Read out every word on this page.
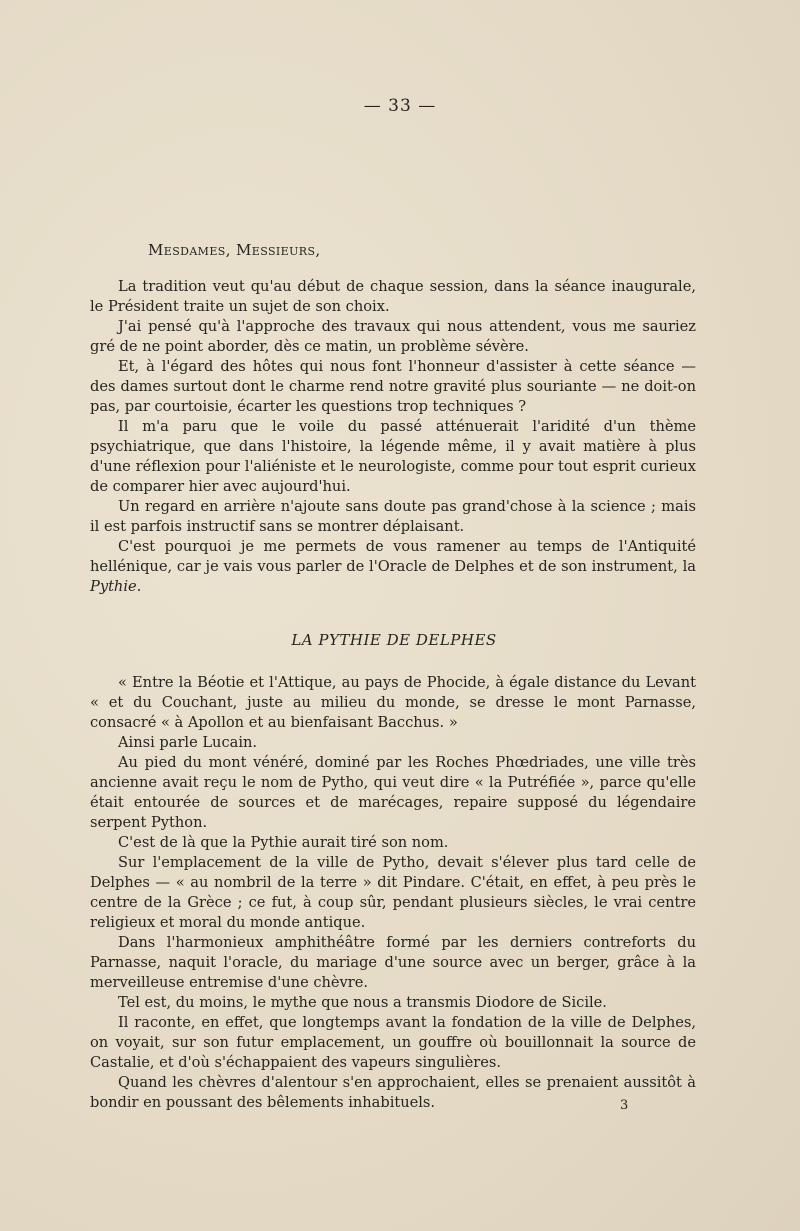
— 33 —
Mesdames, Messieurs,

La tradition veut qu'au début de chaque session, dans la séance inaugurale, le Président traite un sujet de son choix.

J'ai pensé qu'à l'approche des travaux qui nous attendent, vous me sauriez gré de ne point aborder, dès ce matin, un problème sévère.

Et, à l'égard des hôtes qui nous font l'honneur d'assister à cette séance — des dames surtout dont le charme rend notre gravité plus souriante — ne doit-on pas, par courtoisie, écarter les questions trop techniques ?

Il m'a paru que le voile du passé atténuerait l'aridité d'un thème psychiatrique, que dans l'histoire, la légende même, il y avait matière à plus d'une réflexion pour l'aliéniste et le neurologiste, comme pour tout esprit curieux de comparer hier avec aujourd'hui.

Un regard en arrière n'ajoute sans doute pas grand'chose à la science ; mais il est parfois instructif sans se montrer déplaisant.

C'est pourquoi je me permets de vous ramener au temps de l'Antiquité hellénique, car je vais vous parler de l'Oracle de Delphes et de son instrument, la Pythie.

LA PYTHIE DE DELPHES

« Entre la Béotie et l'Attique, au pays de Phocide, à égale distance du Levant « et du Couchant, juste au milieu du monde, se dresse le mont Parnasse, consacré « à Apollon et au bienfaisant Bacchus. »

Ainsi parle Lucain.

Au pied du mont vénéré, dominé par les Roches Phœdriades, une ville très ancienne avait reçu le nom de Pytho, qui veut dire « la Putréfiée », parce qu'elle était entourée de sources et de marécages, repaire supposé du légendaire serpent Python.

C'est de là que la Pythie aurait tiré son nom.

Sur l'emplacement de la ville de Pytho, devait s'élever plus tard celle de Delphes — « au nombril de la terre » dit Pindare. C'était, en effet, à peu près le centre de la Grèce ; ce fut, à coup sûr, pendant plusieurs siècles, le vrai centre religieux et moral du monde antique.

Dans l'harmonieux amphithéâtre formé par les derniers contreforts du Parnasse, naquit l'oracle, du mariage d'une source avec un berger, grâce à la merveilleuse entremise d'une chèvre.

Tel est, du moins, le mythe que nous a transmis Diodore de Sicile.

Il raconte, en effet, que longtemps avant la fondation de la ville de Delphes, on voyait, sur son futur emplacement, un gouffre où bouillonnait la source de Castalie, et d'où s'échappaient des vapeurs singulières.

Quand les chèvres d'alentour s'en approchaient, elles se prenaient aussitôt à bondir en poussant des bêlements inhabituels.	3
